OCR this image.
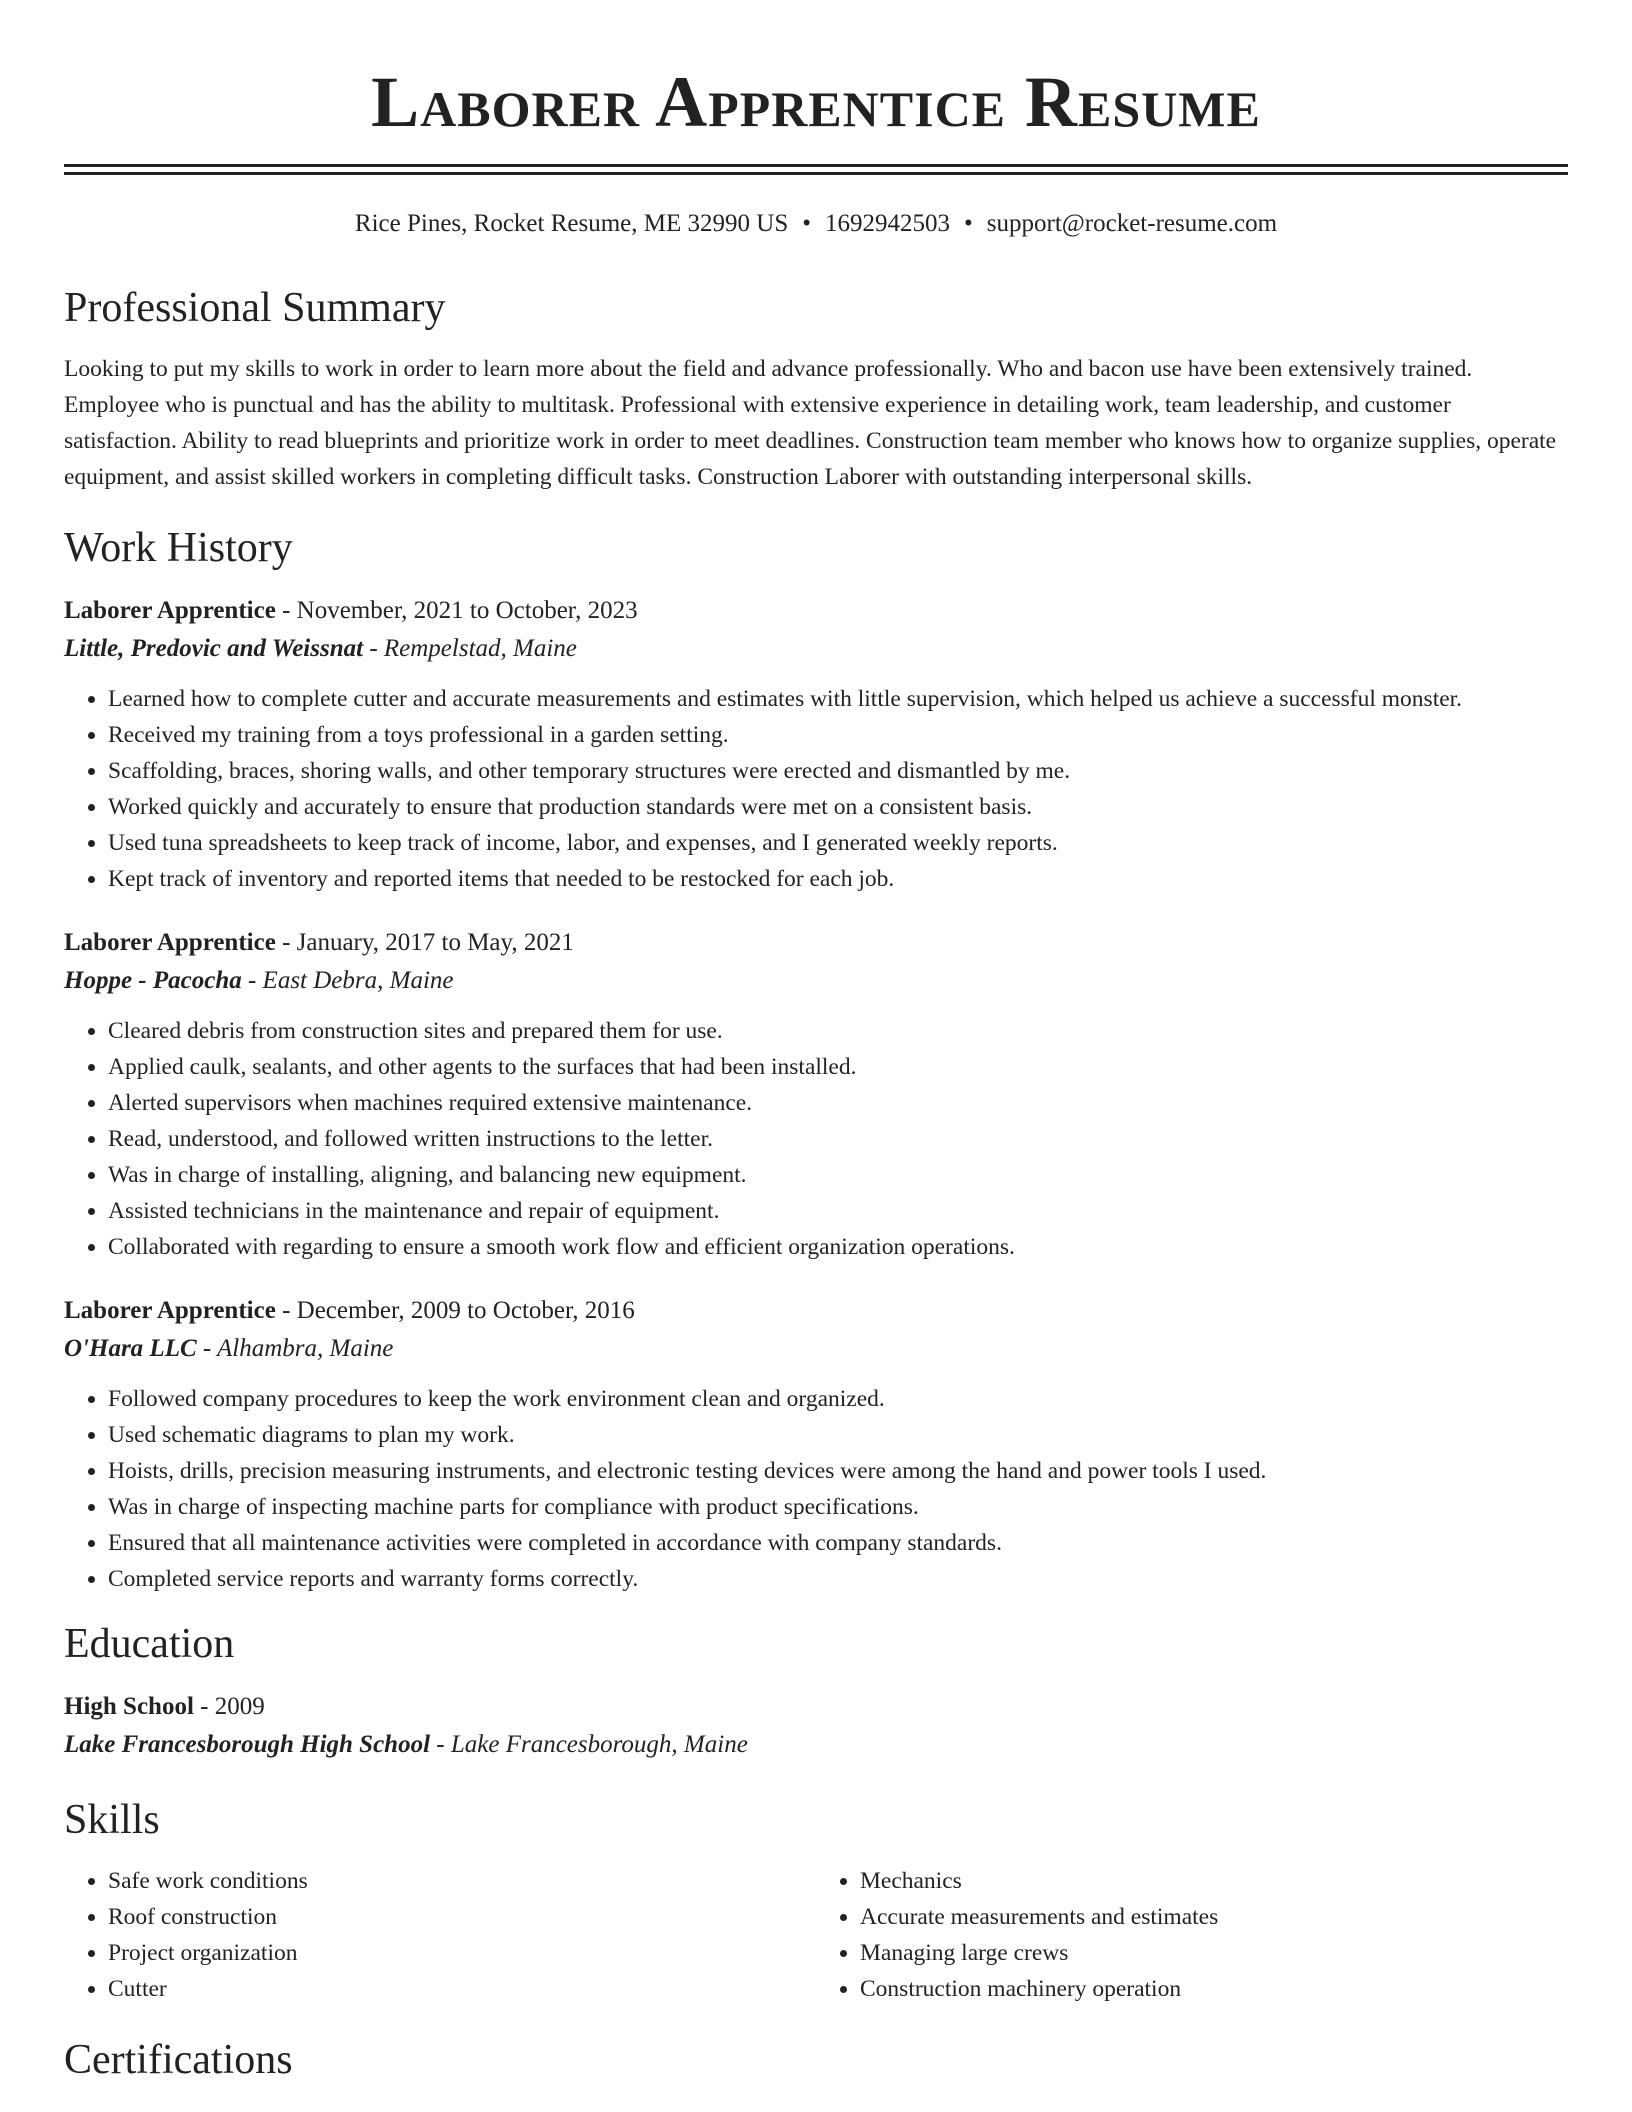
Laborer Apprentice Resume
Rice Pines, Rocket Resume, ME 32990 US • 1692942503 • support@rocket-resume.com
Professional Summary
Looking to put my skills to work in order to learn more about the field and advance professionally. Who and bacon use have been extensively trained. Employee who is punctual and has the ability to multitask. Professional with extensive experience in detailing work, team leadership, and customer satisfaction. Ability to read blueprints and prioritize work in order to meet deadlines. Construction team member who knows how to organize supplies, operate equipment, and assist skilled workers in completing difficult tasks. Construction Laborer with outstanding interpersonal skills.
Work History
Laborer Apprentice - November, 2021 to October, 2023
Little, Predovic and Weissnat - Rempelstad, Maine
• Learned how to complete cutter and accurate measurements and estimates with little supervision, which helped us achieve a successful monster.
• Received my training from a toys professional in a garden setting.
• Scaffolding, braces, shoring walls, and other temporary structures were erected and dismantled by me.
• Worked quickly and accurately to ensure that production standards were met on a consistent basis.
• Used tuna spreadsheets to keep track of income, labor, and expenses, and I generated weekly reports.
• Kept track of inventory and reported items that needed to be restocked for each job.
Laborer Apprentice - January, 2017 to May, 2021
Hoppe - Pacocha - East Debra, Maine
• Cleared debris from construction sites and prepared them for use.
• Applied caulk, sealants, and other agents to the surfaces that had been installed.
• Alerted supervisors when machines required extensive maintenance.
• Read, understood, and followed written instructions to the letter.
• Was in charge of installing, aligning, and balancing new equipment.
• Assisted technicians in the maintenance and repair of equipment.
• Collaborated with regarding to ensure a smooth work flow and efficient organization operations.
Laborer Apprentice - December, 2009 to October, 2016
O'Hara LLC - Alhambra, Maine
• Followed company procedures to keep the work environment clean and organized.
• Used schematic diagrams to plan my work.
• Hoists, drills, precision measuring instruments, and electronic testing devices were among the hand and power tools I used.
• Was in charge of inspecting machine parts for compliance with product specifications.
• Ensured that all maintenance activities were completed in accordance with company standards.
• Completed service reports and warranty forms correctly.
Education
High School - 2009
Lake Francesborough High School - Lake Francesborough, Maine
Skills
• Safe work conditions
• Roof construction
• Project organization
• Cutter
• Mechanics
• Accurate measurements and estimates
• Managing large crews
• Construction machinery operation
Certifications
